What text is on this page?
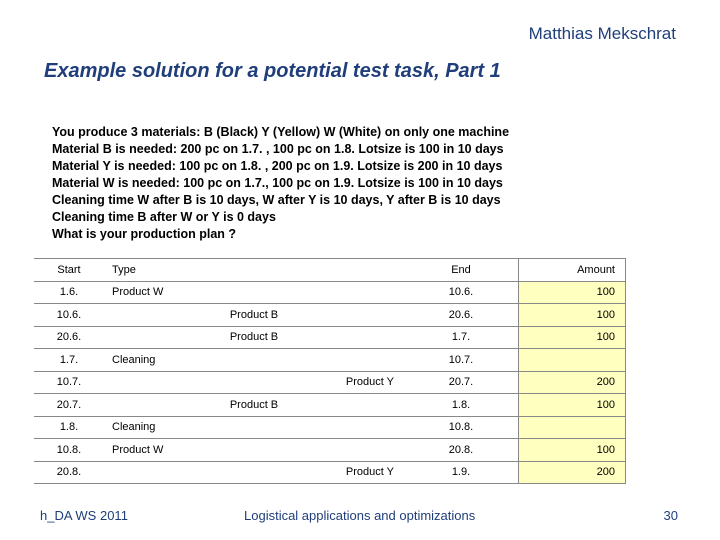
Matthias Mekschrat
Example solution for a potential test task, Part 1
You produce 3 materials: B (Black) Y (Yellow) W (White) on only one machine
Material B is needed: 200 pc on 1.7. , 100 pc on 1.8. Lotsize is 100 in 10 days
Material Y is needed: 100 pc on 1.8. , 200 pc on 1.9. Lotsize is 200 in 10 days
Material W is needed: 100 pc on 1.7., 100 pc on 1.9. Lotsize is 100 in 10 days
Cleaning time W after B is 10 days, W after Y is 10 days, Y after B is 10 days
Cleaning time B after W or Y is 0 days
What is your production plan ?
Start	Type	End	Amount
1.6.	Product W	10.6.	100
10.6.	Product B	20.6.	100
20.6.	Product B	1.7.	100
1.7.	Cleaning	10.7.	
10.7.	Product Y	20.7.	200
20.7.	Product B	1.8.	100
1.8.	Cleaning	10.8.	
10.8.	Product W	20.8.	100
20.8.	Product Y	1.9.	200
h_DA WS 2011	Logistical applications and optimizations	30
